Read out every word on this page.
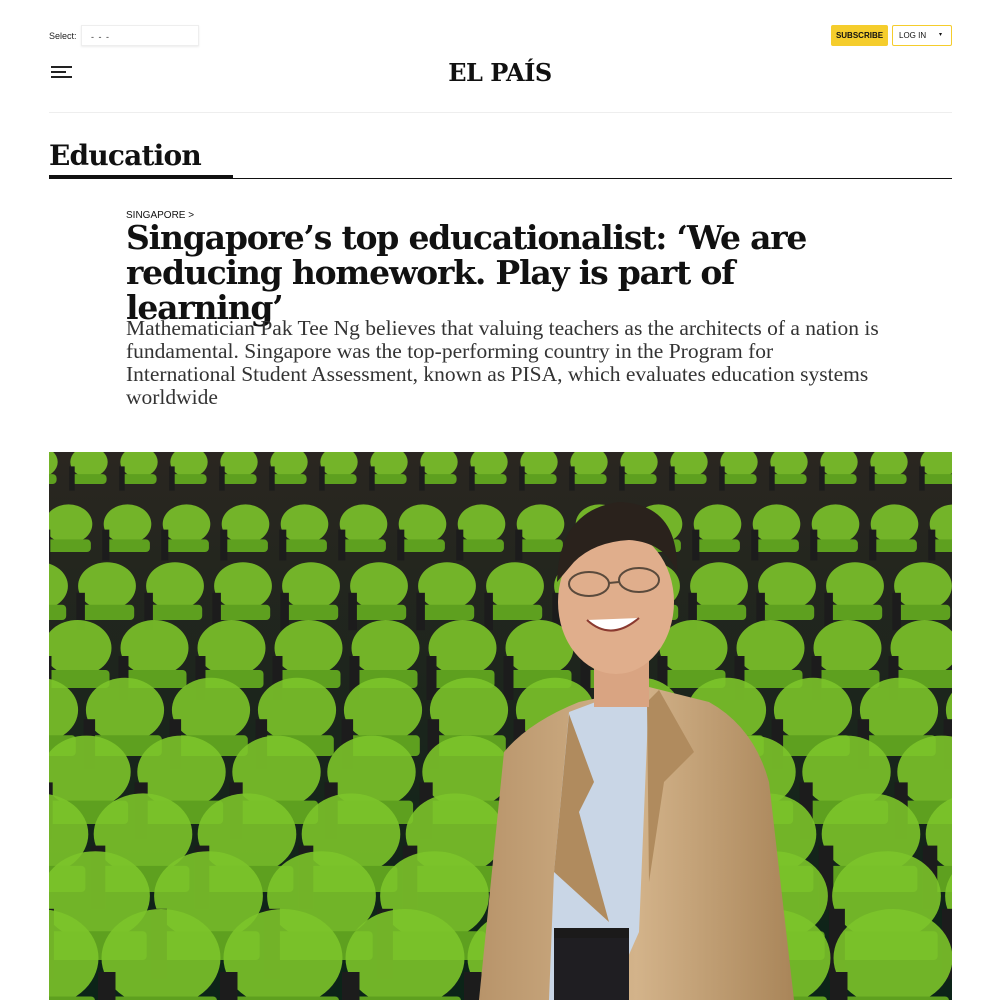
Select:	- - -	SUBSCRIBE	LOG IN ▾
EL PAÍS
Education
SINGAPORE >
Singapore’s top educationalist: ‘We are reducing homework. Play is part of learning’

Mathematician Pak Tee Ng believes that valuing teachers as the architects of a nation is fundamental. Singapore was the top-performing country in the Program for International Student Assessment, known as PISA, which evaluates education systems worldwide
